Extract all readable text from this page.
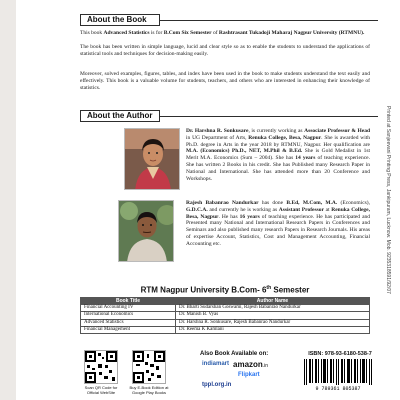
Printed at Sanjeevani Printing Press, Jankipuram, Lucknow. Mob. 9235318591/92/07
About the Book
This book Advanced Statistics is for B.Com Six Semester of Rashtrasant Tukadoji Maharaj Nagpur University (RTMNU).
The book has been written in simple language, lucid and clear style so as to enable the students to understand the applications of statistical tools and techniques for decision-making easily.
Moreover, solved examples, figures, tables, and index have been used in the book to make students understand the text easily and effectively. This book is a valuable volume for students, teachers, and others who are interested in enhancing their knowledge of statistics.
About the Author
Dr. Harshna R. Sonkusare, is currently working as Associate Professor & Head in UG Department of Arts, Renuka College, Besa, Nagpur. She is awarded with Ph.D. degree in Arts in the year 2018 by RTMNU, Nagpur. Her qualification are M.A. (Economics) Ph.D., NET, M.Phil & B.Ed. She is Gold Medalist in 1st Merit M.A. Economics (Sum – 2004). She has 14 years of teaching experience. She has written 2 Books in his credit. She has Published many Research Paper in National and International. She has attended more than 20 Conference and Workshops.
Rajesh Babanrao Nandurkar has done B.Ed, M.Com, M.A. (Economics), G.D.C.A. and currently he is working as Assistant Professor at Renuka College, Besa, Nagpur. He has 16 years of teaching experience. He has participated and Presented many National and International Research Papers in Conferences and Seminars and also published many research Papers in Research Journals. His areas of expertise Account, Statistics, Cost and Management Accounting, Financial Accounting etc.
RTM Nagpur University B.Com- 6th Semester
Book Title	Author Name
Financial Accounting IV	Dr. Bharti Sudarshan Goswami, Rajesh Babanrao Nandurkar
International Economics	Dr. Manish B. Vyas
Advanced Statistics	Dr. Harshna R. Sonkusare, Rajesh Babanrao Nandurkar
Financial Management	Dr. Reema K Kamlani
Scan QR Code for Official WebSite
Buy E-Book Edition at Google Play Books
Also Book Available on:
indiamart amazon.in
Flipkart
tppl.org.in
ISBN: 978-93-6180-538-7
9 789361 805387
